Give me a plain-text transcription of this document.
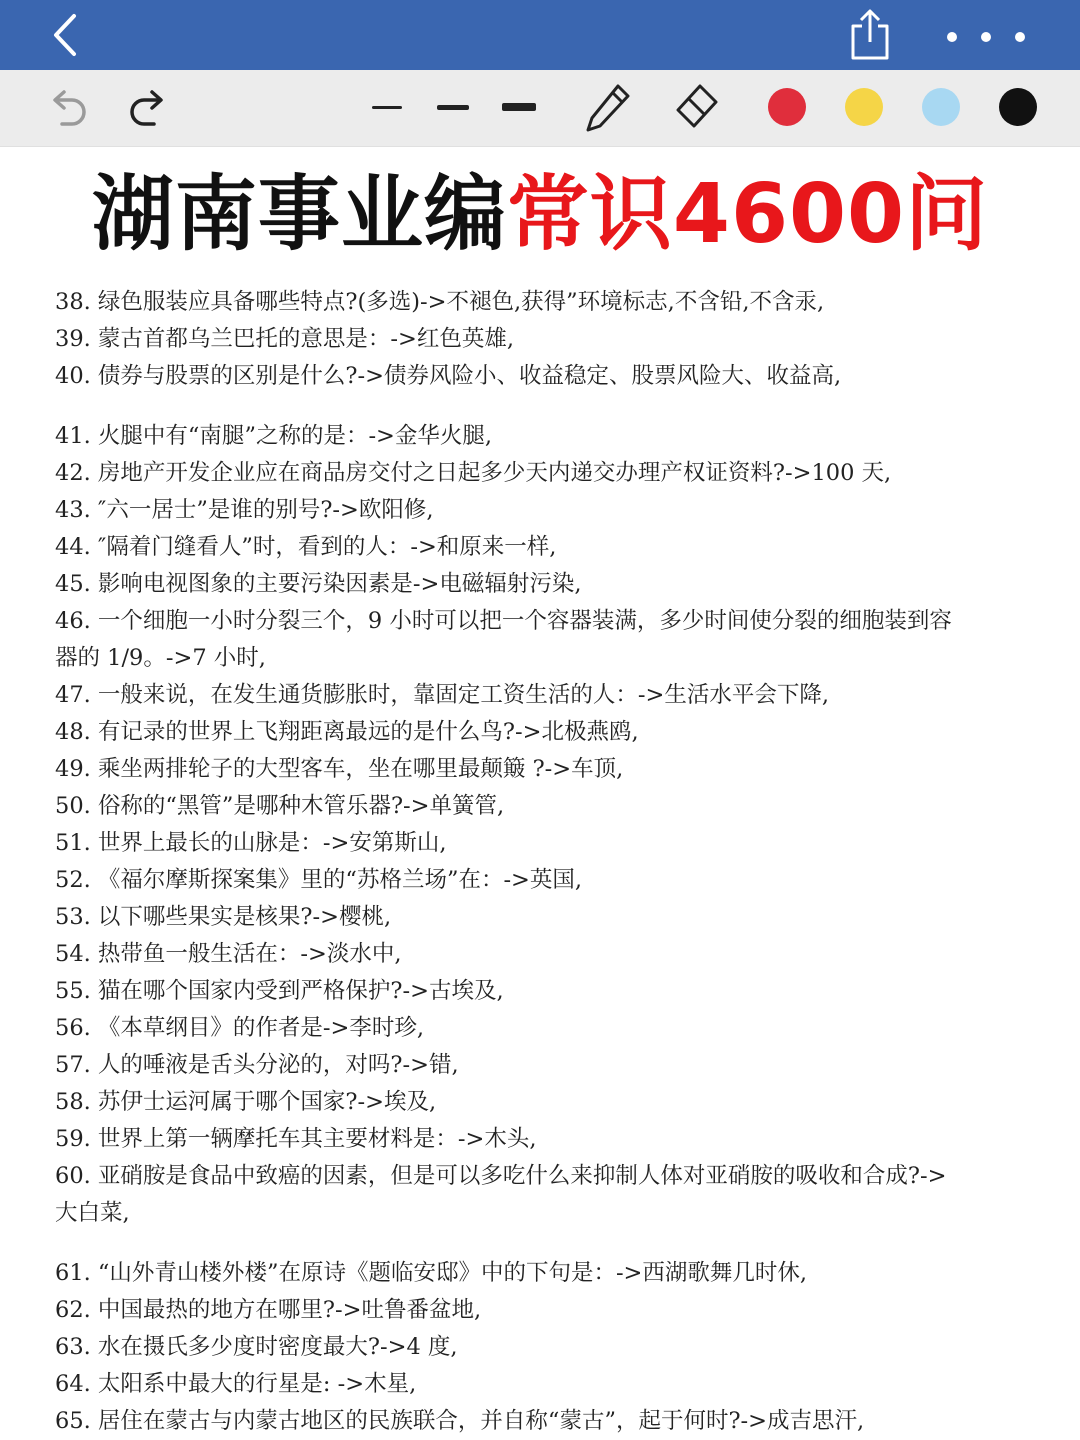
湖南事业编常识4600问
38. 绿色服装应具备哪些特点?(多选)->不褪色,获得”环境标志,不含铅,不含汞,
39. 蒙古首都乌兰巴托的意思是：->红色英雄,
40. 债券与股票的区别是什么?->债券风险小、收益稳定、股票风险大、收益高,
41. 火腿中有“南腿”之称的是：->金华火腿,
42. 房地产开发企业应在商品房交付之日起多少天内递交办理产权证资料?->100 天,
43. ″六一居士”是谁的别号?->欧阳修,
44. ″隔着门缝看人”时，看到的人：->和原来一样,
45. 影响电视图象的主要污染因素是->电磁辐射污染,
46. 一个细胞一小时分裂三个，9 小时可以把一个容器装满，多少时间使分裂的细胞装到容
器的 1/9。->7 小时,
47. 一般来说，在发生通货膨胀时，靠固定工资生活的人：->生活水平会下降,
48. 有记录的世界上飞翔距离最远的是什么鸟?->北极燕鸥,
49. 乘坐两排轮子的大型客车，坐在哪里最颠簸 ?->车顶,
50. 俗称的“黑管”是哪种木管乐器?->单簧管,
51. 世界上最长的山脉是：->安第斯山,
52. 《福尔摩斯探案集》里的“苏格兰场”在：->英国,
53. 以下哪些果实是核果?->樱桃,
54. 热带鱼一般生活在：->淡水中,
55. 猫在哪个国家内受到严格保护?->古埃及,
56. 《本草纲目》的作者是->李时珍,
57. 人的唾液是舌头分泌的，对吗?->错,
58. 苏伊士运河属于哪个国家?->埃及,
59. 世界上第一辆摩托车其主要材料是：->木头,
60. 亚硝胺是食品中致癌的因素，但是可以多吃什么来抑制人体对亚硝胺的吸收和合成?->
大白菜,
61. “山外青山楼外楼”在原诗《题临安邸》中的下句是：->西湖歌舞几时休,
62. 中国最热的地方在哪里?->吐鲁番盆地,
63. 水在摄氏多少度时密度最大?->4 度,
64. 太阳系中最大的行星是: ->木星,
65. 居住在蒙古与内蒙古地区的民族联合，并自称“蒙古”，起于何时?->成吉思汗,
